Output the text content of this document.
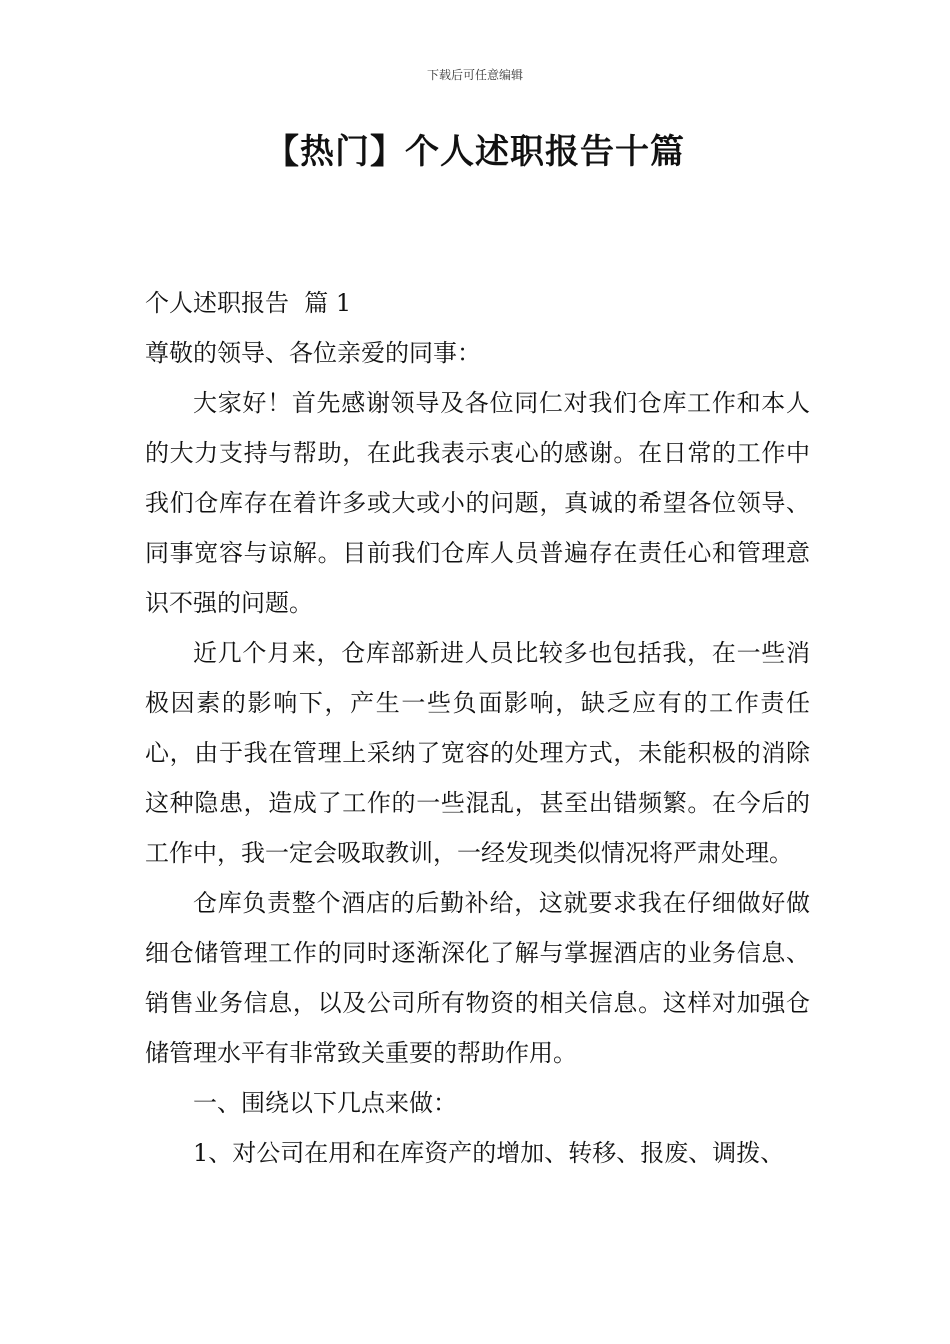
下载后可任意编辑
【热门】个人述职报告十篇

个人述职报告  篇 1

尊敬的领导、各位亲爱的同事：

大家好！首先感谢领导及各位同仁对我们仓库工作和本人的大力支持与帮助，在此我表示衷心的感谢。在日常的工作中我们仓库存在着许多或大或小的问题，真诚的希望各位领导、同事宽容与谅解。目前我们仓库人员普遍存在责任心和管理意识不强的问题。

近几个月来，仓库部新进人员比较多也包括我，在一些消极因素的影响下，产生一些负面影响，缺乏应有的工作责任心，由于我在管理上采纳了宽容的处理方式，未能积极的消除这种隐患，造成了工作的一些混乱，甚至出错频繁。在今后的工作中，我一定会吸取教训，一经发现类似情况将严肃处理。

仓库负责整个酒店的后勤补给，这就要求我在仔细做好做细仓储管理工作的同时逐渐深化了解与掌握酒店的业务信息、销售业务信息，以及公司所有物资的相关信息。这样对加强仓储管理水平有非常致关重要的帮助作用。

一、围绕以下几点来做：

1、对公司在用和在库资产的增加、转移、报废、调拨、
